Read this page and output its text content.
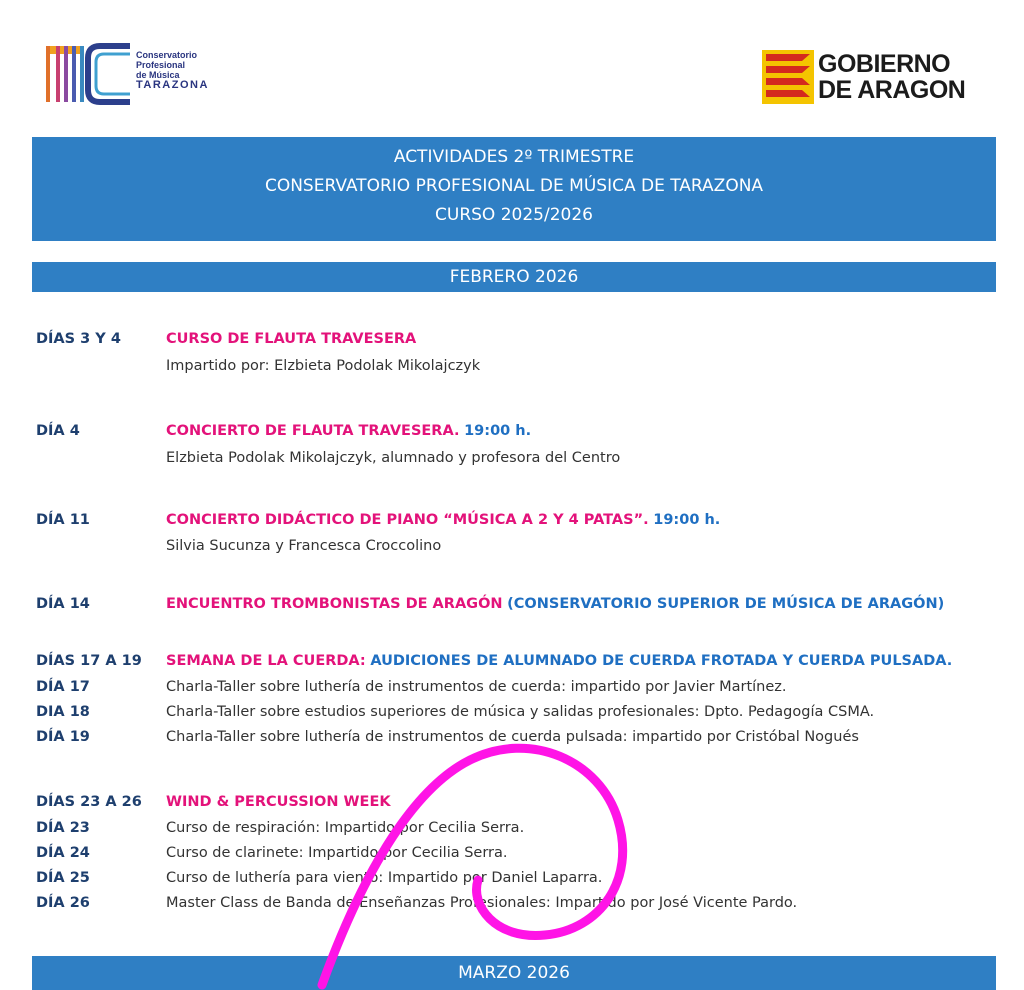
Conservatorio
Profesional
de Música
TARAZONA
GOBIERNO
DE ARAGON
ACTIVIDADES 2º TRIMESTRE
CONSERVATORIO PROFESIONAL DE MÚSICA DE TARAZONA
CURSO 2025/2026
FEBRERO 2026
DÍAS 3 Y 4	CURSO DE FLAUTA TRAVESERA
Impartido por: Elzbieta Podolak Mikolajczyk
DÍA 4	CONCIERTO DE FLAUTA TRAVESERA. 19:00 h.
Elzbieta Podolak Mikolajczyk, alumnado y profesora del Centro
DÍA 11	CONCIERTO DIDÁCTICO DE PIANO “MÚSICA A 2 Y 4 PATAS”. 19:00 h.
Silvia Sucunza y Francesca Croccolino
DÍA 14	ENCUENTRO TROMBONISTAS DE ARAGÓN (CONSERVATORIO SUPERIOR DE MÚSICA DE ARAGÓN)
DÍAS 17 A 19	SEMANA DE LA CUERDA: AUDICIONES DE ALUMNADO DE CUERDA FROTADA Y CUERDA PULSADA.
DÍA 17	Charla-Taller sobre luthería de instrumentos de cuerda: impartido por Javier Martínez.
DIA 18	Charla-Taller sobre estudios superiores de música y salidas profesionales: Dpto. Pedagogía CSMA.
DÍA 19	Charla-Taller sobre luthería de instrumentos de cuerda pulsada: impartido por Cristóbal Nogués
DÍAS 23 A 26	WIND & PERCUSSION WEEK
DÍA 23	Curso de respiración: Impartido por Cecilia Serra.
DÍA 24	Curso de clarinete: Impartido por Cecilia Serra.
DÍA 25	Curso de luthería para viento: Impartido por Daniel Laparra.
DÍA 26	Master Class de Banda de Enseñanzas Profesionales: Impartido por José Vicente Pardo.
MARZO 2026
